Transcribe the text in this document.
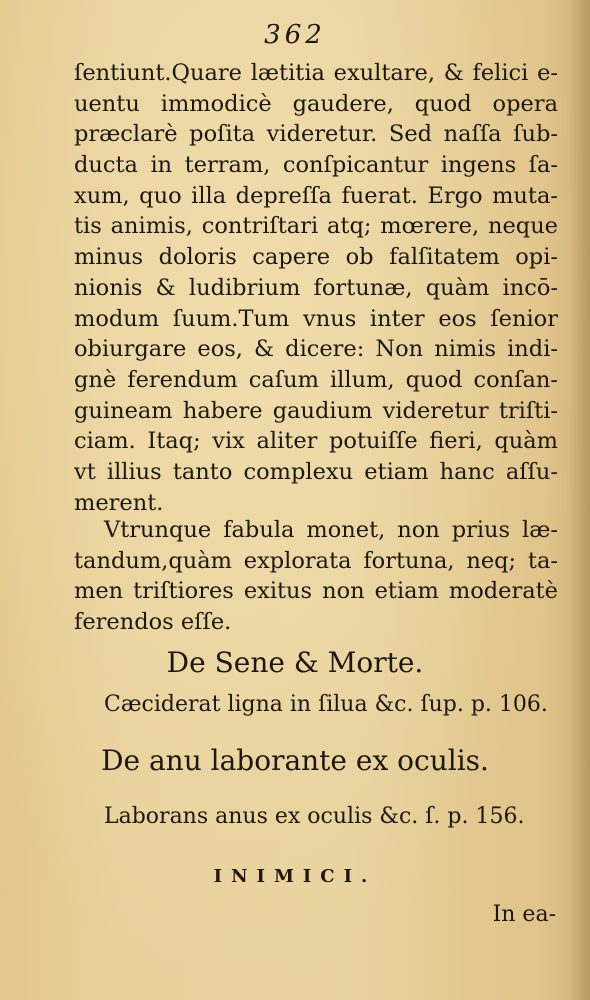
362
ſentiunt.Quare lætitia exultare, & felici e-
uentu immodicè gaudere, quod opera
præclarè poſita videretur. Sed naſſa ſub-
ducta in terram, conſpicantur ingens ſa-
xum, quo illa depreſſa fuerat. Ergo muta-
tis animis, contriſtari atq; mœrere, neque
minus doloris capere ob falſitatem opi-
nionis & ludibrium fortunæ, quàm incō-
modum ſuum.Tum vnus inter eos ſenior
obiurgare eos, & dicere: Non nimis indi-
gnè ferendum caſum illum, quod conſan-
guineam habere gaudium videretur triſti-
ciam. Itaq; vix aliter potuiſſe fieri, quàm
vt illius tanto complexu etiam hanc aſſu-
merent.
Vtrunque fabula monet, non prius læ-
tandum,quàm explorata fortuna, neq; ta-
men triſtiores exitus non etiam moderatè
ferendos eſſe.
De Sene & Morte.
Cæciderat ligna in ſilua &c. ſup. p. 106.
De anu laborante ex oculis.
Laborans anus ex oculis &c. ſ. p. 156.
INIMICI.
In ea-
